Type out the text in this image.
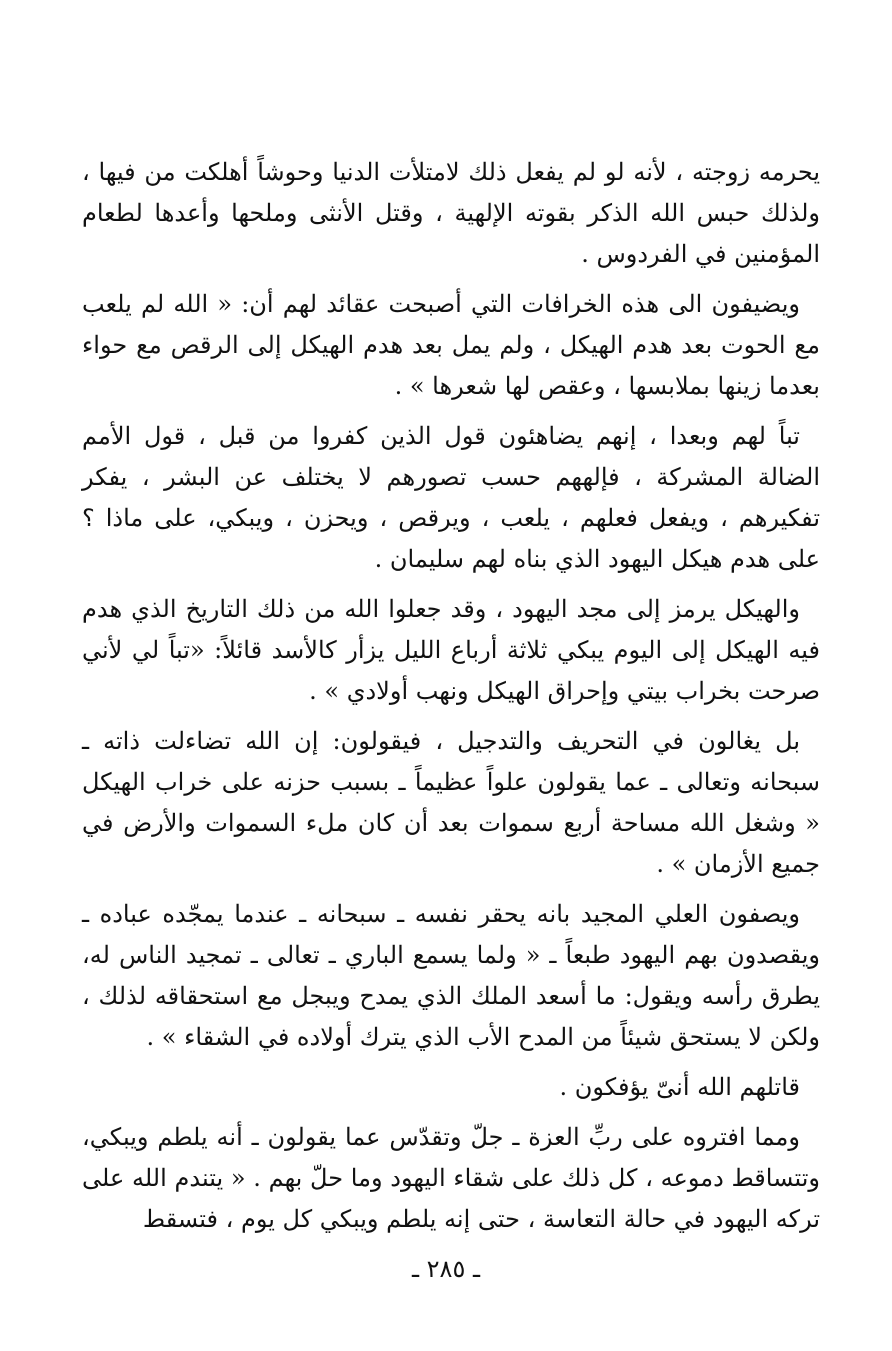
يحرمه زوجته ، لأنه لو لم يفعل ذلك لامتلأت الدنيا وحوشاً أهلكت من فيها ، ولذلك حبس الله الذكر بقوته الإلهية ، وقتل الأنثى وملحها وأعدها لطعام المؤمنين في الفردوس .

ويضيفون الى هذه الخرافات التي أصبحت عقائد لهم أن: « الله لم يلعب مع الحوت بعد هدم الهيكل ، ولم يمل بعد هدم الهيكل إلى الرقص مع حواء بعدما زينها بملابسها ، وعقص لها شعرها » .

تباً لهم وبعدا ، إنهم يضاهئون قول الذين كفروا من قبل ، قول الأمم الضالة المشركة ، فإلههم حسب تصورهم لا يختلف عن البشر ، يفكر تفكيرهم ، ويفعل فعلهم ، يلعب ، ويرقص ، ويحزن ، ويبكي، على ماذا ؟ على هدم هيكل اليهود الذي بناه لهم سليمان .

والهيكل يرمز إلى مجد اليهود ، وقد جعلوا الله من ذلك التاريخ الذي هدم فيه الهيكل إلى اليوم يبكي ثلاثة أرباع الليل يزأر كالأسد قائلاً: «تباً لي لأني صرحت بخراب بيتي وإحراق الهيكل ونهب أولادي » .

بل يغالون في التحريف والتدجيل ، فيقولون: إن الله تضاءلت ذاته ـ سبحانه وتعالى ـ عما يقولون علواً عظيماً ـ بسبب حزنه على خراب الهيكل « وشغل الله مساحة أربع سموات بعد أن كان ملء السموات والأرض في جميع الأزمان » .

ويصفون العلي المجيد بانه يحقر نفسه ـ سبحانه ـ عندما يمجّده عباده ـ ويقصدون بهم اليهود طبعاً ـ « ولما يسمع الباري ـ تعالى ـ تمجيد الناس له، يطرق رأسه ويقول: ما أسعد الملك الذي يمدح ويبجل مع استحقاقه لذلك ، ولكن لا يستحق شيئاً من المدح الأب الذي يترك أولاده في الشقاء » .

قاتلهم الله أنىّ يؤفكون .

ومما افتروه على ربِّ العزة ـ جلّ وتقدّس عما يقولون ـ أنه يلطم ويبكي، وتتساقط دموعه ، كل ذلك على شقاء اليهود وما حلّ بهم . « يتندم الله على تركه اليهود في حالة التعاسة ، حتى إنه يلطم ويبكي كل يوم ، فتسقط

ـ ٢٨٥ ـ
